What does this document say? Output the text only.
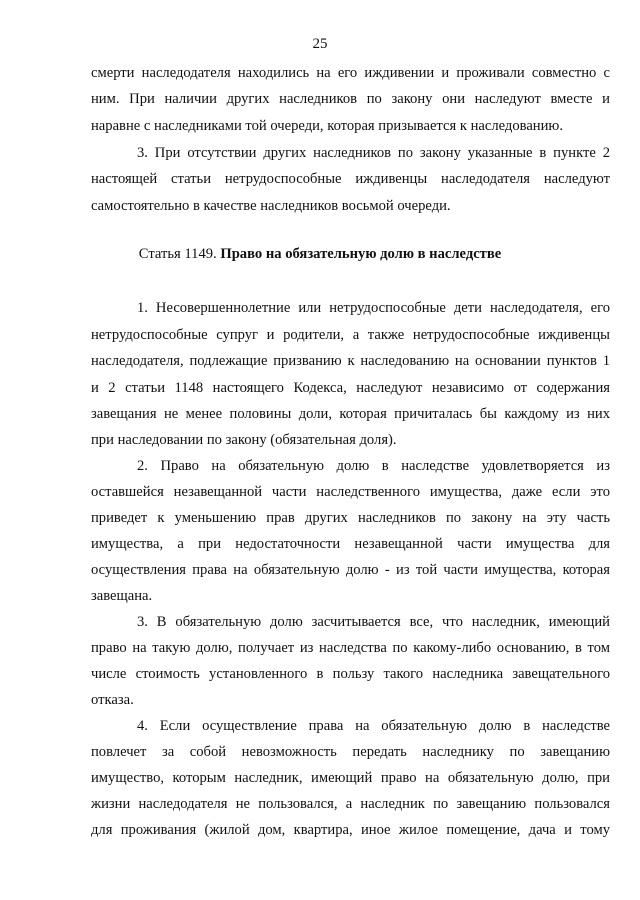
25
смерти наследодателя находились на его иждивении и проживали совместно с
ним. При наличии других наследников по закону они наследуют вместе и
наравне с наследниками той очереди, которая призывается к наследованию.
3. При отсутствии других наследников по закону указанные в пункте 2
настоящей статьи нетрудоспособные иждивенцы наследодателя наследуют
самостоятельно в качестве наследников восьмой очереди.
Статья 1149. Право на обязательную долю в наследстве
1. Несовершеннолетние или нетрудоспособные дети наследодателя, его
нетрудоспособные супруг и родители, а также нетрудоспособные иждивенцы
наследодателя, подлежащие призванию к наследованию на основании пунктов 1
и 2 статьи 1148 настоящего Кодекса, наследуют независимо от содержания
завещания не менее половины доли, которая причиталась бы каждому из них
при наследовании по закону (обязательная доля).
2. Право на обязательную долю в наследстве удовлетворяется из
оставшейся незавещанной части наследственного имущества, даже если это
приведет к уменьшению прав других наследников по закону на эту часть
имущества, а при недостаточности незавещанной части имущества для
осуществления права на обязательную долю - из той части имущества, которая
завещана.
3. В обязательную долю засчитывается все, что наследник, имеющий
право на такую долю, получает из наследства по какому-либо основанию, в том
числе стоимость установленного в пользу такого наследника завещательного
отказа.
4. Если осуществление права на обязательную долю в наследстве
повлечет за собой невозможность передать наследнику по завещанию
имущество, которым наследник, имеющий право на обязательную долю, при
жизни наследодателя не пользовался, а наследник по завещанию пользовался
для проживания (жилой дом, квартира, иное жилое помещение, дача и тому
